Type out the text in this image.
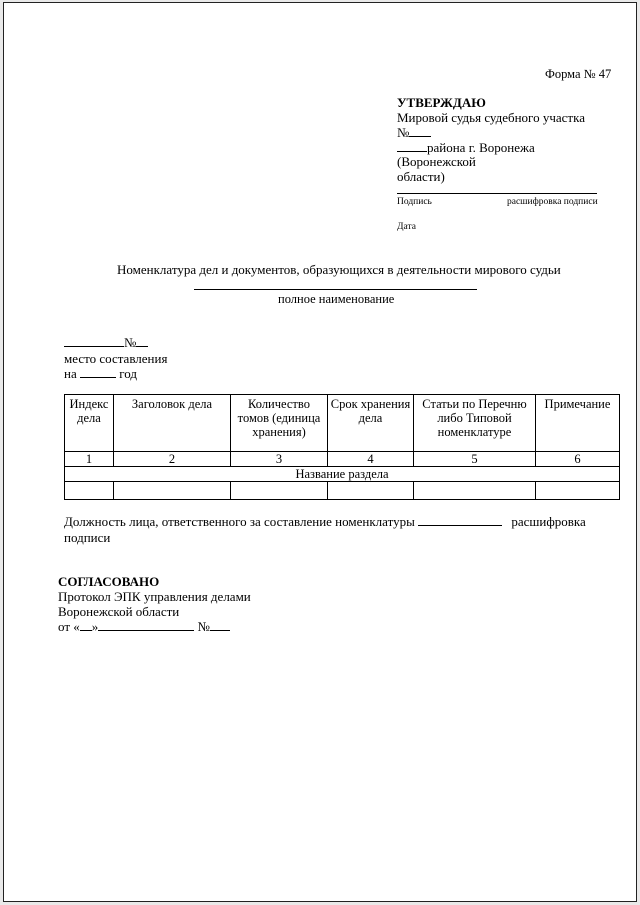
Форма № 47
УТВЕРЖДАЮ
Мировой судья судебного участка
№
района г. Воронежа
(Воронежской
области)
Подпись	расшифровка подписи
Дата
Номенклатура дел и документов, образующихся в деятельности мирового судьи
полное наименование
№
место составления
на	год
Индекс дела	Заголовок дела	Количество томов (единица хранения)	Срок хранения дела	Статьи по Перечню либо Типовой номенклатуре	Примечание
1	2	3	4	5	6
Название раздела					

Должность лица, ответственного за составление номенклатуры	расшифровка
подписи
СОГЛАСОВАНО
Протокол ЭПК управления делами
Воронежской области
от « »	№
